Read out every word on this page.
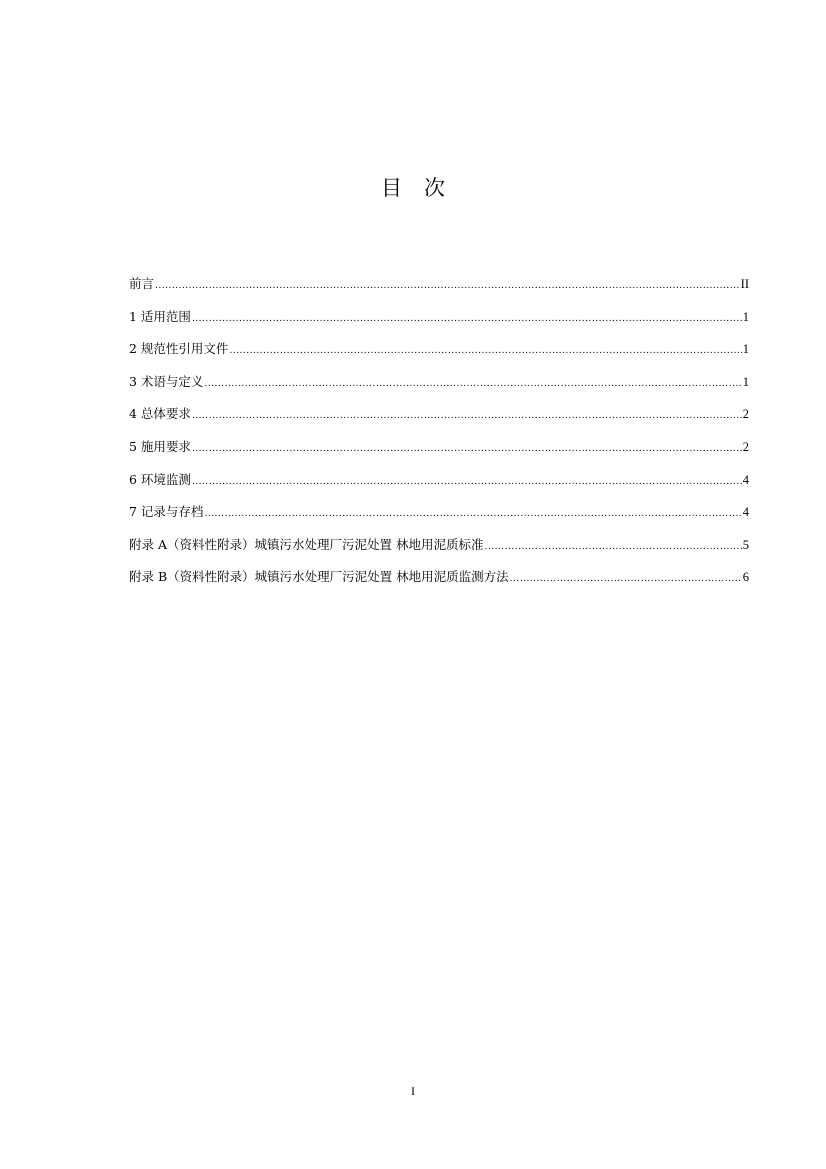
目次
前言 .....	II
1 适用范围 .....	1
2 规范性引用文件 .....	1
3 术语与定义 .....	1
4 总体要求 .....	2
5 施用要求 .....	2
6 环境监测 .....	4
7 记录与存档 .....	4
附录 A（资料性附录）城镇污水处理厂污泥处置 林地用泥质标准 .....	5
附录 B（资料性附录）城镇污水处理厂污泥处置 林地用泥质监测方法 .....	6
I
